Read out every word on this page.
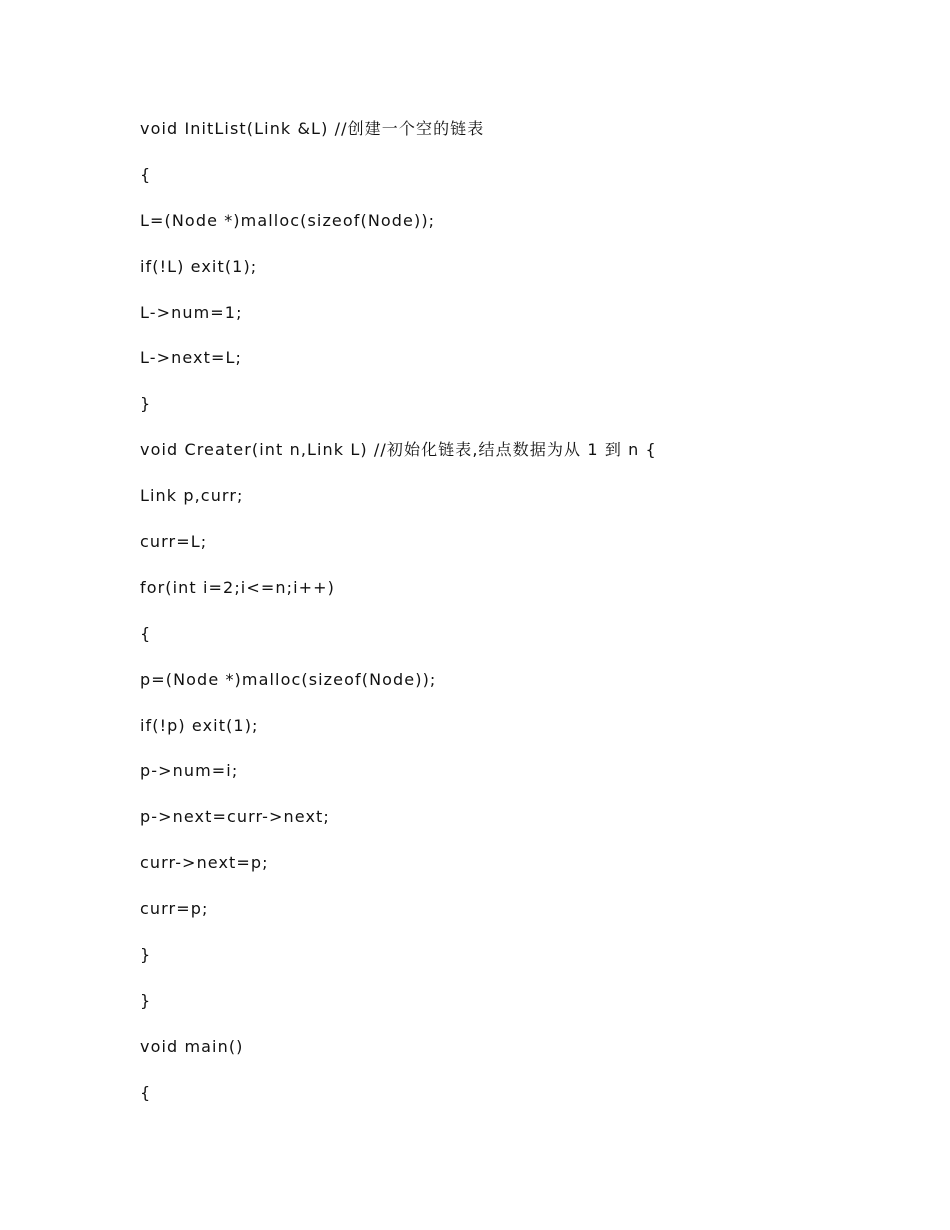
void InitList(Link &L) //创建一个空的链表
{
L=(Node *)malloc(sizeof(Node));
if(!L) exit(1);
L->num=1;
L->next=L;
}
void Creater(int n,Link L) //初始化链表,结点数据为从 1 到 n {
Link p,curr;
curr=L;
for(int i=2;i<=n;i++)
{
p=(Node *)malloc(sizeof(Node));
if(!p) exit(1);
p->num=i;
p->next=curr->next;
curr->next=p;
curr=p;
}
}
void main()
{
